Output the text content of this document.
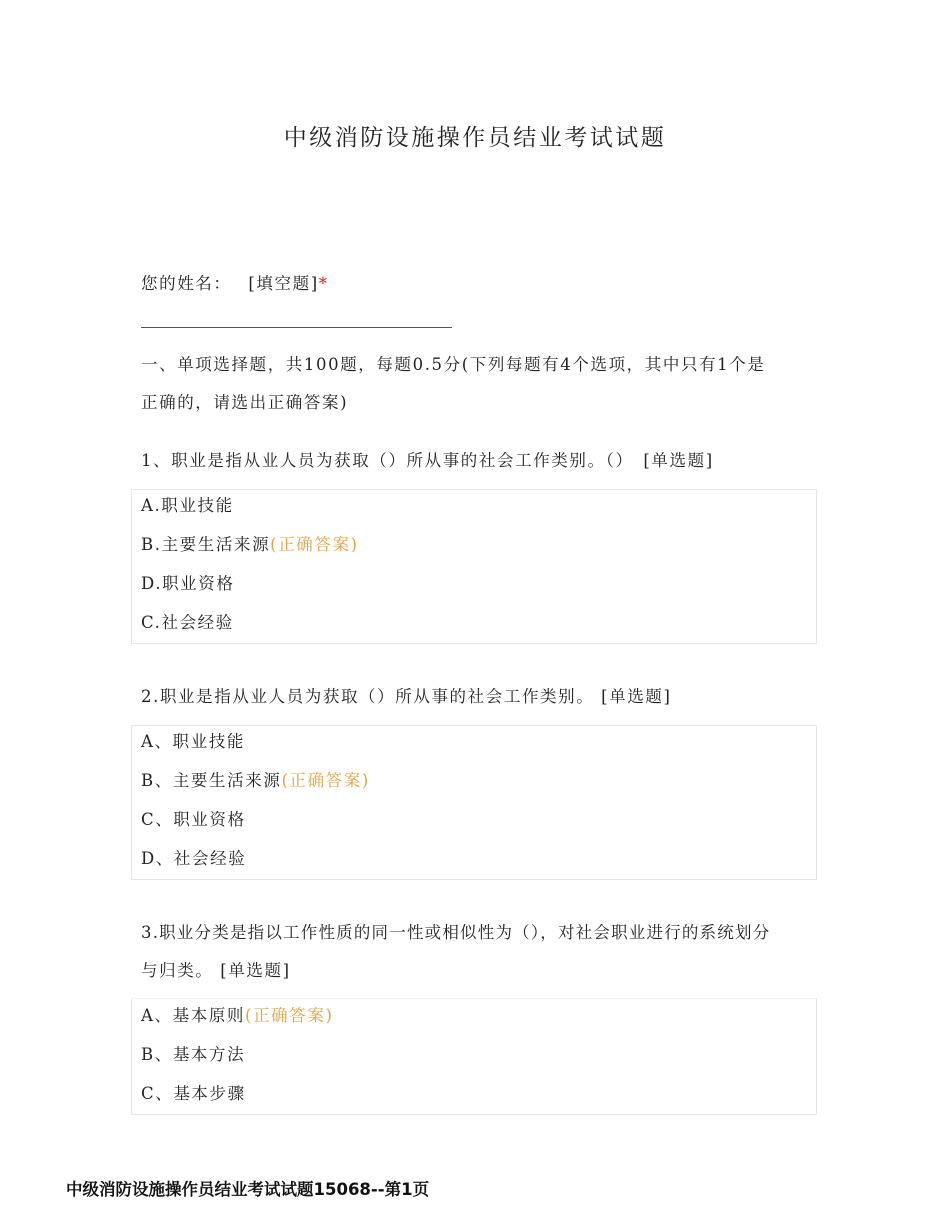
中级消防设施操作员结业考试试题
您的姓名： [填空题]*
一、单项选择题，共100题，每题0.5分(下列每题有4个选项，其中只有1个是
正确的，请选出正确答案)
1、职业是指从业人员为获取（）所从事的社会工作类别。（）　[单选题]
A.职业技能
B.主要生活来源(正确答案)
D.职业资格
C.社会经验
2.职业是指从业人员为获取（）所从事的社会工作类别。 [单选题]
A、职业技能
B、主要生活来源(正确答案)
C、职业资格
D、社会经验
3.职业分类是指以工作性质的同一性或相似性为（），对社会职业进行的系统划分
与归类。 [单选题]
A、基本原则(正确答案)
B、基本方法
C、基本步骤
中级消防设施操作员结业考试试题15068--第1页
